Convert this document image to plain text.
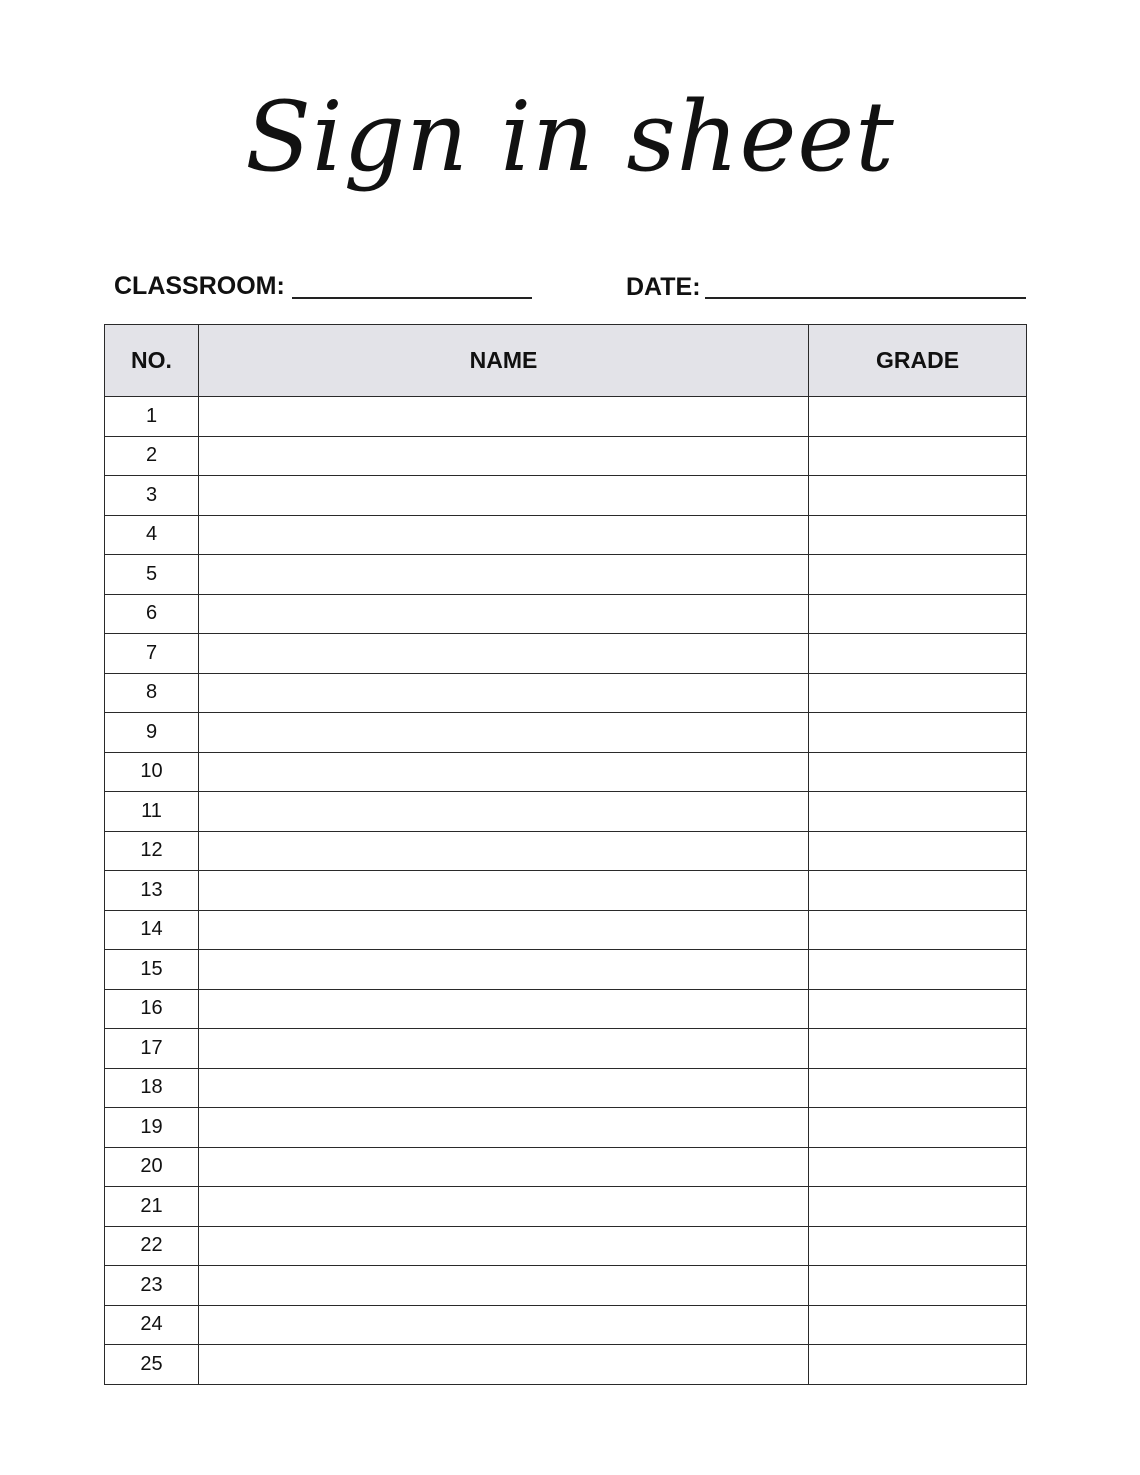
Sign in sheet
CLASSROOM:	DATE:
NO.	NAME	GRADE
1		
2		
3		
4		
5		
6		
7		
8		
9		
10		
11		
12		
13		
14		
15		
16		
17		
18		
19		
20		
21		
22		
23		
24		
25		
